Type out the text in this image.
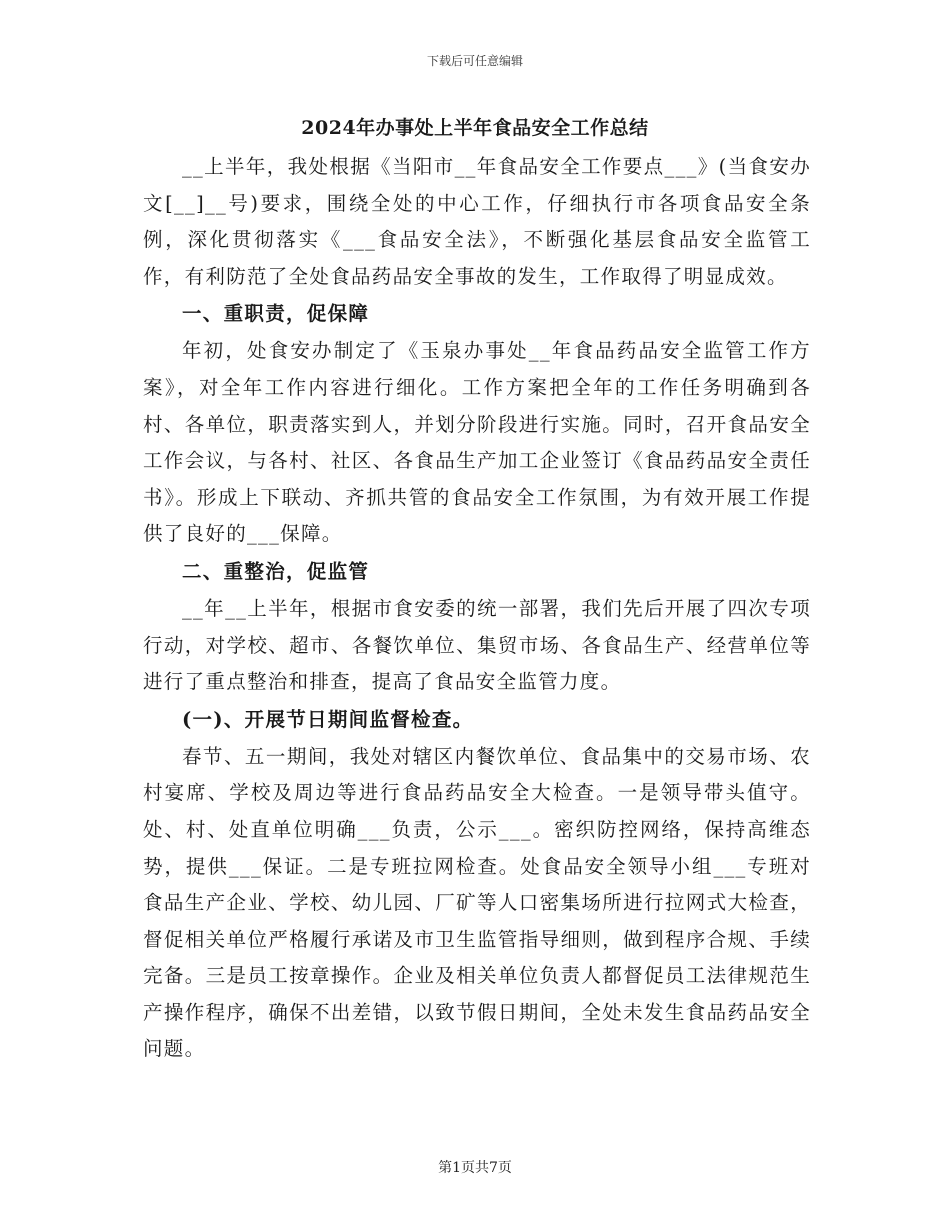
下载后可任意编辑
2024年办事处上半年食品安全工作总结

__上半年，我处根据《当阳市__年食品安全工作要点___》(当食安办文[__]__号)要求，围绕全处的中心工作，仔细执行市各项食品安全条例，深化贯彻落实《___食品安全法》，不断强化基层食品安全监管工作，有利防范了全处食品药品安全事故的发生，工作取得了明显成效。

一、重职责，促保障

年初，处食安办制定了《玉泉办事处__年食品药品安全监管工作方案》，对全年工作内容进行细化。工作方案把全年的工作任务明确到各村、各单位，职责落实到人，并划分阶段进行实施。同时，召开食品安全工作会议，与各村、社区、各食品生产加工企业签订《食品药品安全责任书》。形成上下联动、齐抓共管的食品安全工作氛围，为有效开展工作提供了良好的___保障。

二、重整治，促监管

__年__上半年，根据市食安委的统一部署，我们先后开展了四次专项行动，对学校、超市、各餐饮单位、集贸市场、各食品生产、经营单位等进行了重点整治和排查，提高了食品安全监管力度。

(一)、开展节日期间监督检查。

春节、五一期间，我处对辖区内餐饮单位、食品集中的交易市场、农村宴席、学校及周边等进行食品药品安全大检查。一是领导带头值守。处、村、处直单位明确___负责，公示___。密织防控网络，保持高维态势，提供___保证。二是专班拉网检查。处食品安全领导小组___专班对食品生产企业、学校、幼儿园、厂矿等人口密集场所进行拉网式大检查，督促相关单位严格履行承诺及市卫生监管指导细则，做到程序合规、手续完备。三是员工按章操作。企业及相关单位负责人都督促员工法律规范生产操作程序，确保不出差错，以致节假日期间，全处未发生食品药品安全问题。

第1页共7页
